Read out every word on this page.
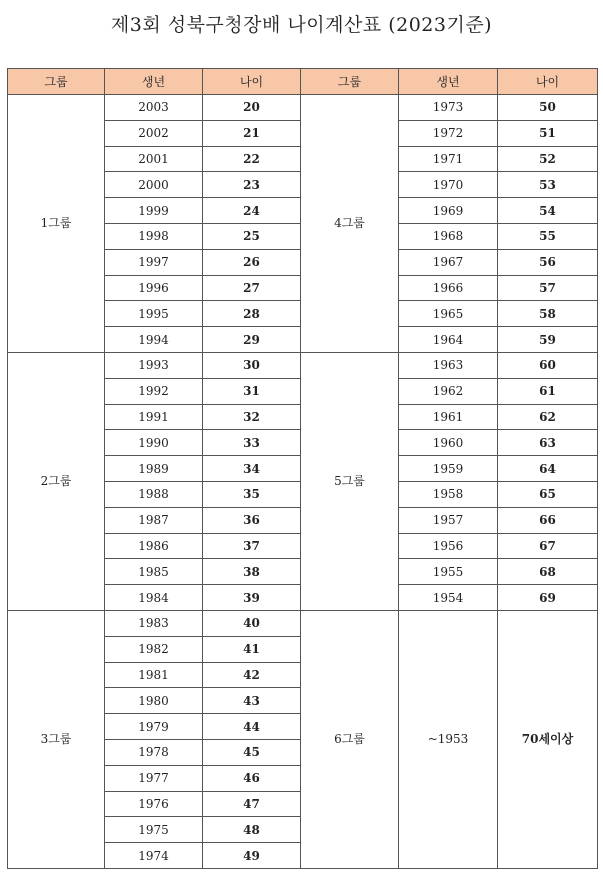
제3회 성북구청장배 나이계산표 (2023기준)
그룹	생년	나이	그룹	생년	나이
1그룹	2003	20	4그룹	1973	50
	2002	21		1972	51
	2001	22		1971	52
	2000	23		1970	53
	1999	24		1969	54
	1998	25		1968	55
	1997	26		1967	56
	1996	27		1966	57
	1995	28		1965	58
	1994	29		1964	59
2그룹	1993	30	5그룹	1963	60
	1992	31		1962	61
	1991	32		1961	62
	1990	33		1960	63
	1989	34		1959	64
	1988	35		1958	65
	1987	36		1957	66
	1986	37		1956	67
	1985	38		1955	68
	1984	39		1954	69
3그룹	1983	40	6그룹	~1953	70세이상
	1982	41			
	1981	42			
	1980	43			
	1979	44			
	1978	45			
	1977	46			
	1976	47			
	1975	48			
	1974	49			
